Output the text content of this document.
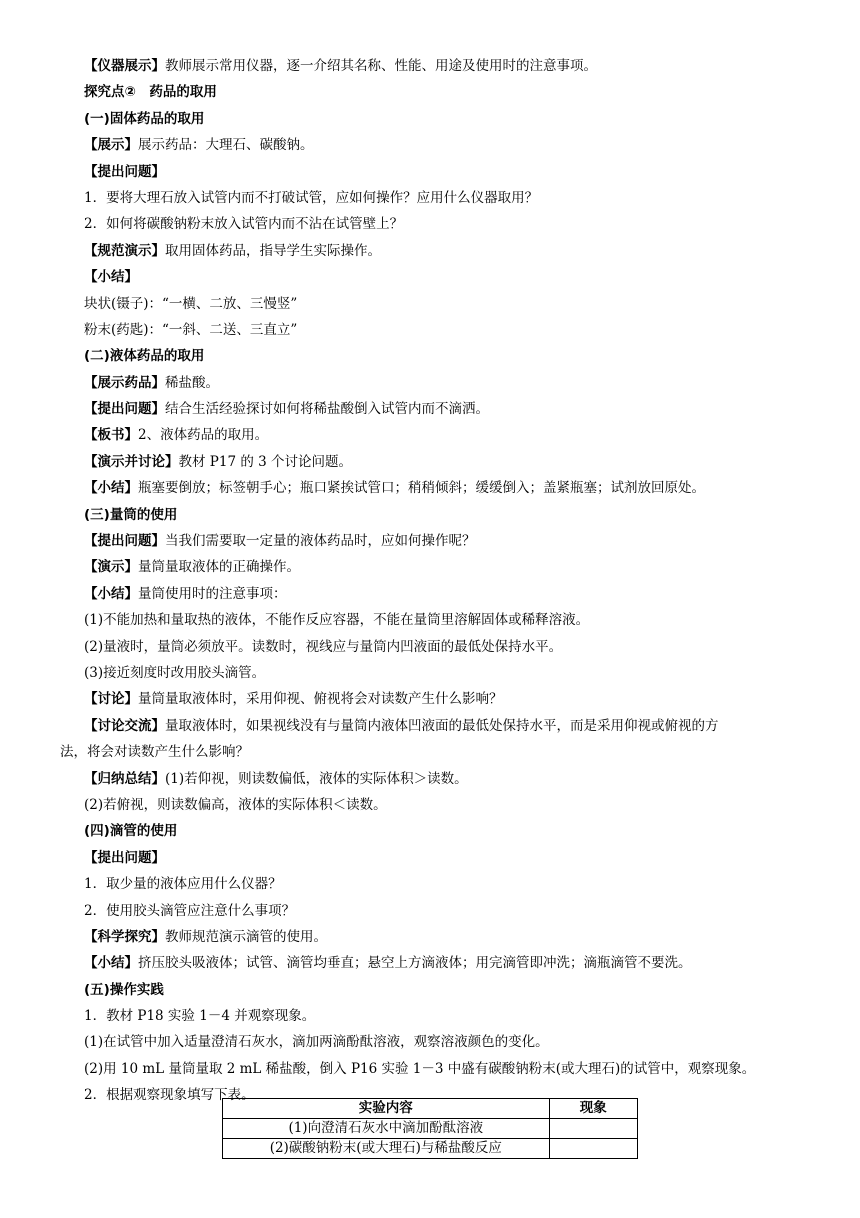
【仪器展示】教师展示常用仪器，逐一介绍其名称、性能、用途及使用时的注意事项。
探究点②　药品的取用
(一)固体药品的取用
【展示】展示药品：大理石、碳酸钠。
【提出问题】
1．要将大理石放入试管内而不打破试管，应如何操作？应用什么仪器取用？
2．如何将碳酸钠粉末放入试管内而不沾在试管壁上？
【规范演示】取用固体药品，指导学生实际操作。
【小结】
块状(镊子)：“一横、二放、三慢竖”
粉末(药匙)：“一斜、二送、三直立”
(二)液体药品的取用
【展示药品】稀盐酸。
【提出问题】结合生活经验探讨如何将稀盐酸倒入试管内而不滴洒。
【板书】2、液体药品的取用。
【演示并讨论】教材 P17 的 3 个讨论问题。
【小结】瓶塞要倒放；标签朝手心；瓶口紧挨试管口；稍稍倾斜；缓缓倒入；盖紧瓶塞；试剂放回原处。
(三)量筒的使用
【提出问题】当我们需要取一定量的液体药品时，应如何操作呢？
【演示】量筒量取液体的正确操作。
【小结】量筒使用时的注意事项：
(1)不能加热和量取热的液体，不能作反应容器，不能在量筒里溶解固体或稀释溶液。
(2)量液时，量筒必须放平。读数时，视线应与量筒内凹液面的最低处保持水平。
(3)接近刻度时改用胶头滴管。
【讨论】量筒量取液体时，采用仰视、俯视将会对读数产生什么影响？
【讨论交流】量取液体时，如果视线没有与量筒内液体凹液面的最低处保持水平，而是采用仰视或俯视的方
法，将会对读数产生什么影响？
【归纳总结】(1)若仰视，则读数偏低，液体的实际体积＞读数。
(2)若俯视，则读数偏高，液体的实际体积＜读数。
(四)滴管的使用
【提出问题】
1．取少量的液体应用什么仪器？
2．使用胶头滴管应注意什么事项？
【科学探究】教师规范演示滴管的使用。
【小结】挤压胶头吸液体；试管、滴管均垂直；悬空上方滴液体；用完滴管即冲洗；滴瓶滴管不要洗。
(五)操作实践
1．教材 P18 实验 1－4 并观察现象。
(1)在试管中加入适量澄清石灰水，滴加两滴酚酞溶液，观察溶液颜色的变化。
(2)用 10 mL 量筒量取 2 mL 稀盐酸，倒入 P16 实验 1－3 中盛有碳酸钠粉末(或大理石)的试管中，观察现象。
2．根据观察现象填写下表。
实验内容	现象
(1)向澄清石灰水中滴加酚酞溶液	
(2)碳酸钠粉末(或大理石)与稀盐酸反应	
